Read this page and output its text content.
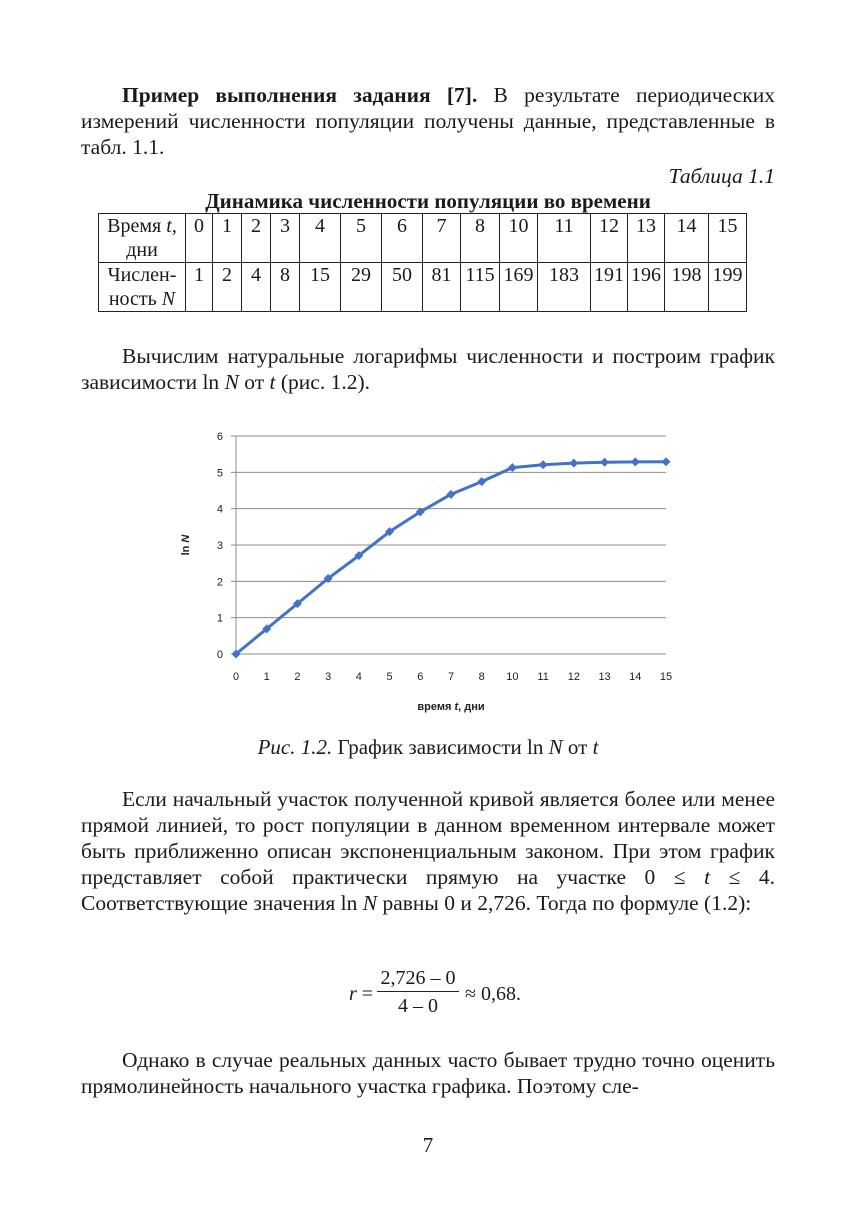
Пример выполнения задания [7]. В результате периодических измерений численности популяции получены данные, представленные в табл. 1.1.

Таблица 1.1
Динамика численности популяции во времени
Время t, дни	0	1	2	3	4	5	6	7	8	10	11	12	13	14	15
Числен-ность N	1	2	4	8	15	29	50	81	115	169	183	191	196	198	199

Вычислим натуральные логарифмы численности и построим график зависимости ln N от t (рис. 1.2).

0
1
2
3
4
5
6
0 1 2 3 4 5 6 7 8 10 11 12 13 14 15
ln N
время t, дни
Рис. 1.2. График зависимости ln N от t

Если начальный участок полученной кривой является более или менее прямой линией, то рост популяции в данном временном интервале может быть приближенно описан экспоненциальным законом. При этом график представляет собой практически прямую на участке 0 ≤ t ≤ 4. Соответствующие значения ln N равны 0 и 2,726. Тогда по формуле (1.2):

$r = \frac{2,726 - 0}{4 - 0} \approx 0,68$.

Однако в случае реальных данных часто бывает трудно точно оценить прямолинейность начального участка графика. Поэтому сле-

7
